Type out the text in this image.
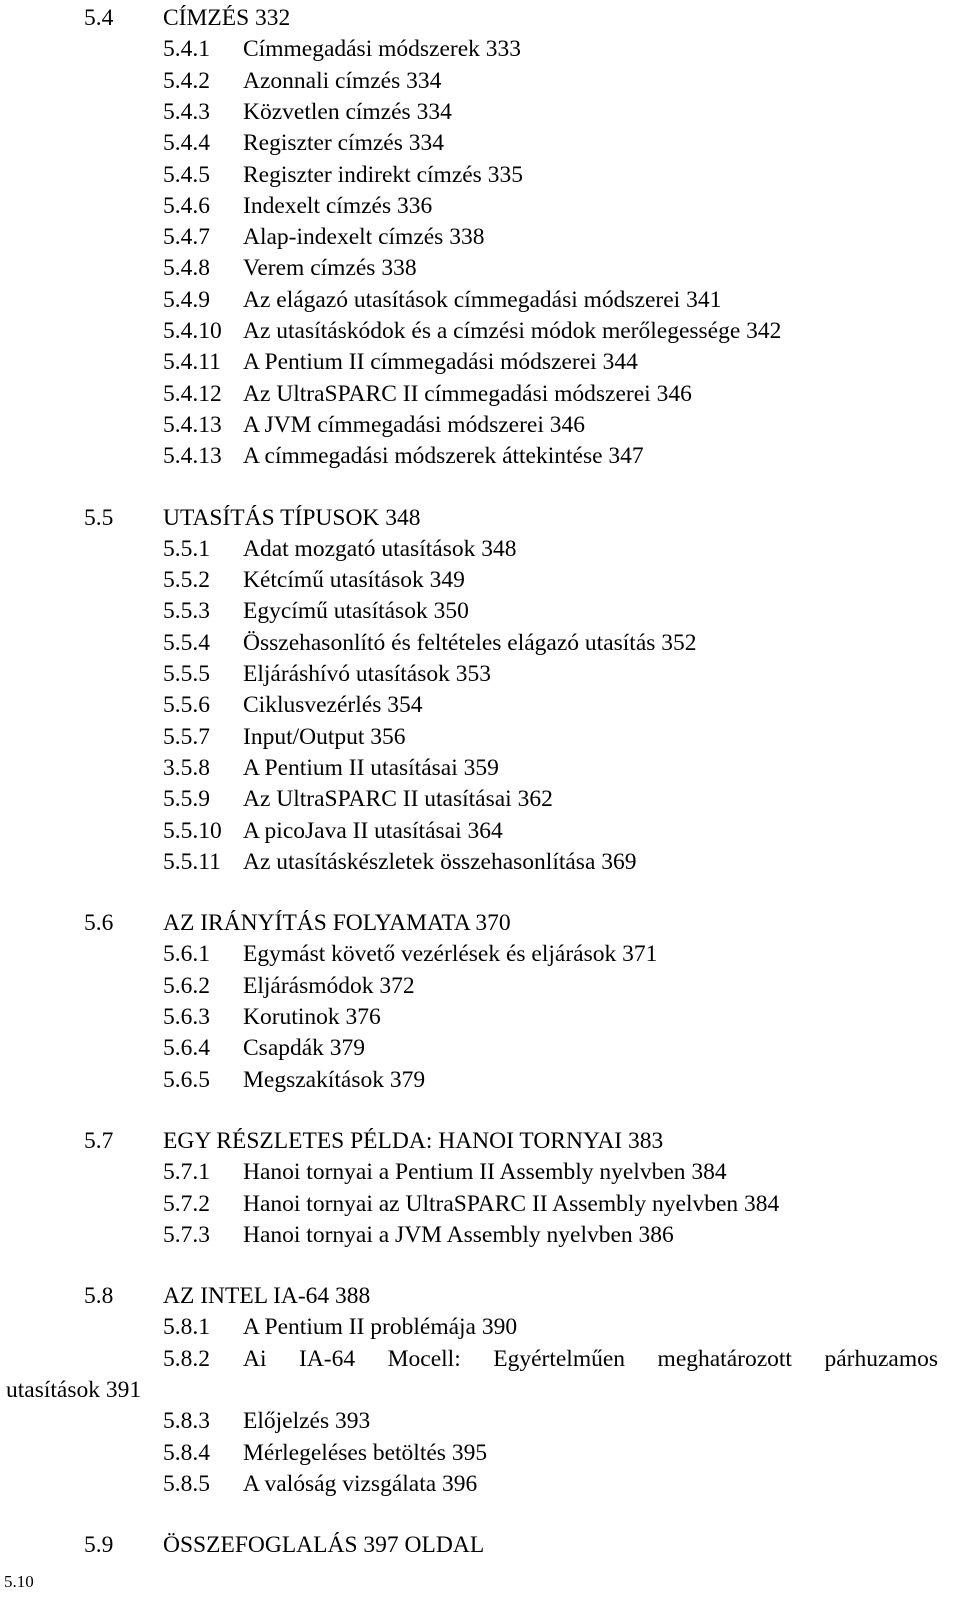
5.4 CÍMZÉS 332
5.4.1 Címmegadási módszerek 333
5.4.2 Azonnali címzés 334
5.4.3 Közvetlen címzés 334
5.4.4 Regiszter címzés 334
5.4.5 Regiszter indirekt címzés 335
5.4.6 Indexelt címzés 336
5.4.7 Alap-indexelt címzés 338
5.4.8 Verem címzés 338
5.4.9 Az elágazó utasítások címmegadási módszerei 341
5.4.10 Az utasításkódok és a címzési módok merőlegessége 342
5.4.11 A Pentium II címmegadási módszerei 344
5.4.12 Az UltraSPARC II címmegadási módszerei 346
5.4.13 A JVM címmegadási módszerei 346
5.4.13 A címmegadási módszerek áttekintése 347
5.5 UTASÍTÁS TÍPUSOK 348
5.5.1 Adat mozgató utasítások 348
5.5.2 Kétcímű utasítások 349
5.5.3 Egycímű utasítások 350
5.5.4 Összehasonlító és feltételes elágazó utasítás 352
5.5.5 Eljáráshívó utasítások 353
5.5.6 Ciklusvezérlés 354
5.5.7 Input/Output 356
3.5.8 A Pentium II utasításai 359
5.5.9 Az UltraSPARC II utasításai 362
5.5.10 A picoJava II utasításai 364
5.5.11 Az utasításkészletek összehasonlítása 369
5.6 AZ IRÁNYÍTÁS FOLYAMATA 370
5.6.1 Egymást követő vezérlések és eljárások 371
5.6.2 Eljárásmódok 372
5.6.3 Korutinok 376
5.6.4 Csapdák 379
5.6.5 Megszakítások 379
5.7 EGY RÉSZLETES PÉLDA: HANOI TORNYAI 383
5.7.1 Hanoi tornyai a Pentium II Assembly nyelvben 384
5.7.2 Hanoi tornyai az UltraSPARC II Assembly nyelvben 384
5.7.3 Hanoi tornyai a JVM Assembly nyelvben 386
5.8 AZ INTEL IA-64 388
5.8.1 A Pentium II problémája 390
5.8.2 Ai IA-64 Mocell: Egyértelműen meghatározott párhuzamos
utasítások 391
5.8.3 Előjelzés 393
5.8.4 Mérlegeléses betöltés 395
5.8.5 A valóság vizsgálata 396
5.9 ÖSSZEFOGLALÁS 397 OLDAL
5.10
